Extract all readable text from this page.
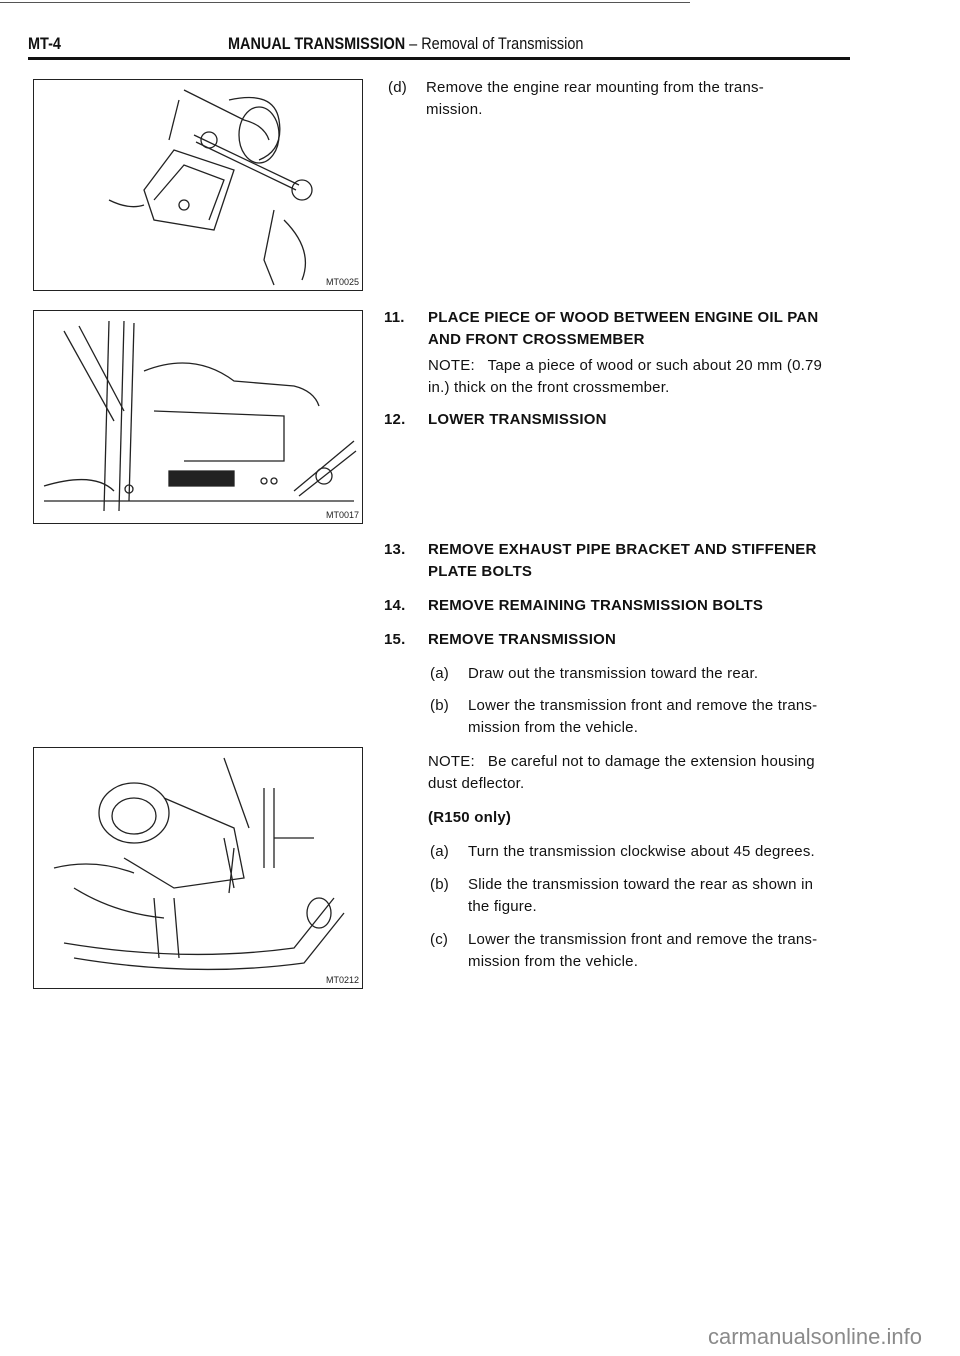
MT-4	MANUAL TRANSMISSION – Removal of Transmission
MT0025
MT0017
MT0212
(d) Remove the engine rear mounting from the trans-
mission.
11. PLACE PIECE OF WOOD BETWEEN ENGINE OIL PAN
AND FRONT CROSSMEMBER
NOTE:   Tape a piece of wood or such about 20 mm (0.79
in.) thick on the front crossmember.
12. LOWER TRANSMISSION
13. REMOVE EXHAUST PIPE BRACKET AND STIFFENER
PLATE BOLTS
14. REMOVE REMAINING TRANSMISSION BOLTS
15. REMOVE TRANSMISSION
(a) Draw out the transmission toward the rear.
(b) Lower the transmission front and remove the trans-
mission from the vehicle.
NOTE:   Be careful not to damage the extension housing
dust deflector.
(R150 only)
(a) Turn the transmission clockwise about 45 degrees.
(b) Slide the transmission toward the rear as shown in
the figure.
(c) Lower the transmission front and remove the trans-
mission from the vehicle.
carmanualsonline.info
